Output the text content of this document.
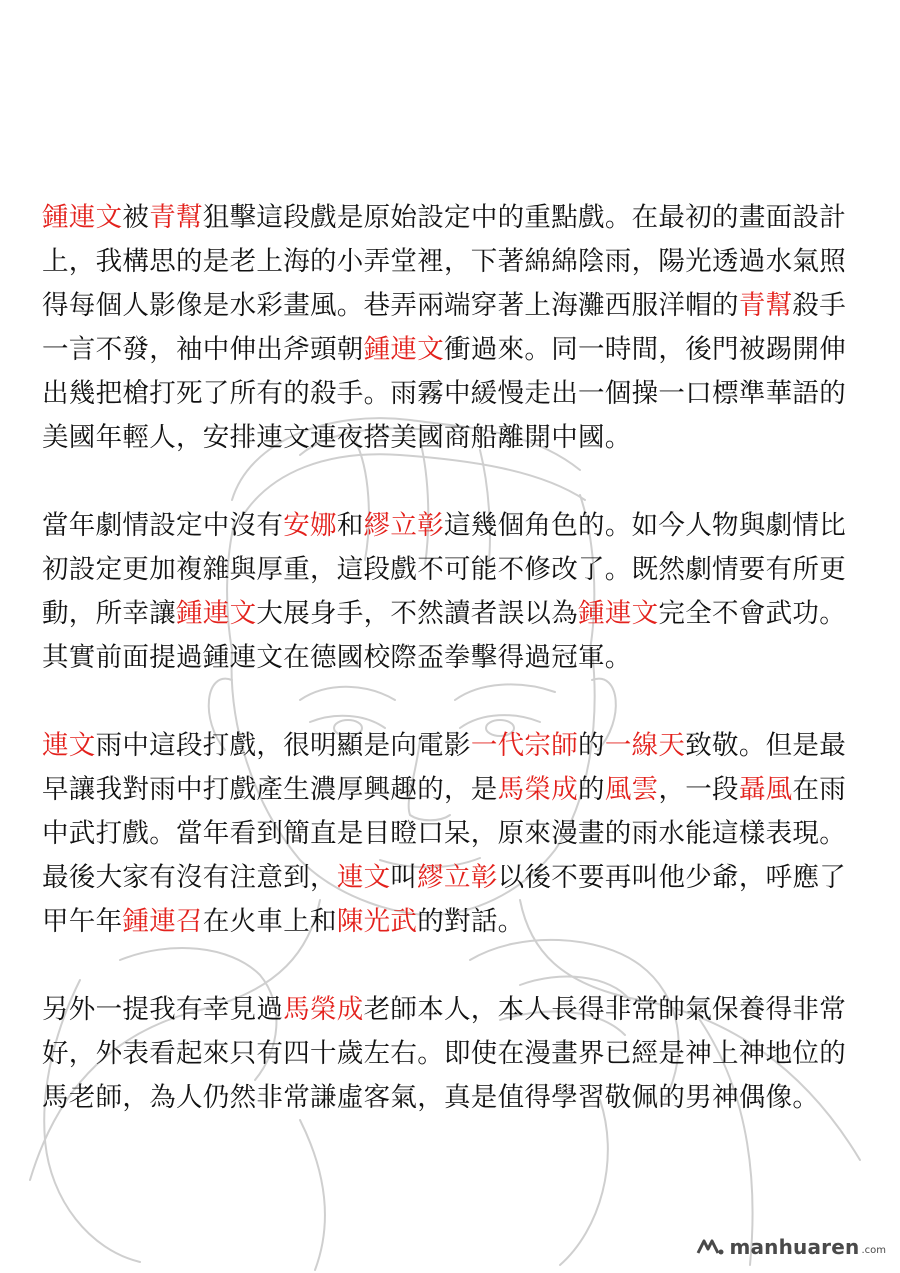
鍾連文被青幫狙擊這段戲是原始設定中的重點戲。在最初的畫面設計上，我構思的是老上海的小弄堂裡，下著綿綿陰雨，陽光透過水氣照得每個人影像是水彩畫風。巷弄兩端穿著上海灘西服洋帽的青幫殺手一言不發，袖中伸出斧頭朝鍾連文衝過來。同一時間，後門被踢開伸出幾把槍打死了所有的殺手。雨霧中緩慢走出一個操一口標準華語的美國年輕人，安排連文連夜搭美國商船離開中國。

當年劇情設定中沒有安娜和繆立彰這幾個角色的。如今人物與劇情比初設定更加複雜與厚重，這段戲不可能不修改了。既然劇情要有所更動，所幸讓鍾連文大展身手，不然讀者誤以為鍾連文完全不會武功。其實前面提過鍾連文在德國校際盃拳擊得過冠軍。

連文雨中這段打戲，很明顯是向電影一代宗師的一線天致敬。但是最早讓我對雨中打戲產生濃厚興趣的，是馬榮成的風雲，一段聶風在雨中武打戲。當年看到簡直是目瞪口呆，原來漫畫的雨水能這樣表現。最後大家有沒有注意到，連文叫繆立彰以後不要再叫他少爺，呼應了甲午年鍾連召在火車上和陳光武的對話。

另外一提我有幸見過馬榮成老師本人，本人長得非常帥氣保養得非常好，外表看起來只有四十歲左右。即使在漫畫界已經是神上神地位的馬老師，為人仍然非常謙虛客氣，真是值得學習敬佩的男神偶像。

manhuaren .com
